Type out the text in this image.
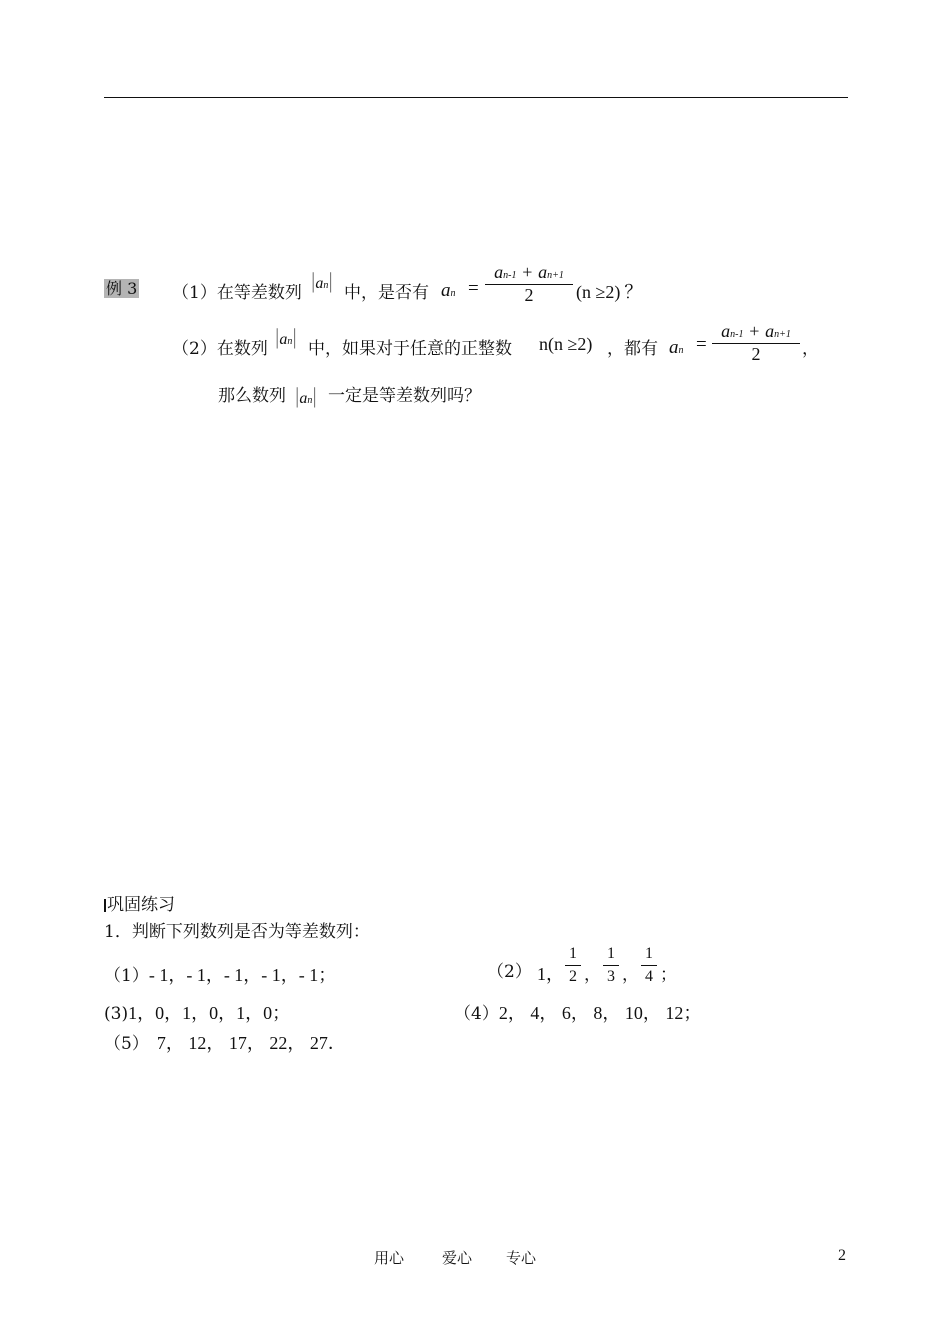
例 3 （1）在等差数列 |an| 中，是否有 an =
an-1 + an+1
2	(n ≥2) ？
（2）在数列 |an| 中，如果对于任意的正整数 n(n ≥2) ，都有 an =
an-1 + an+1
2	，
那么数列 |an| 一定是等差数列吗？
巩固练习
1．判断下列数列是否为等差数列：
（1）- 1，- 1，- 1，- 1，- 1；	（2） 1，
1
2 ，
1
3 ，
1
4 ；
(3)1，0，1，0，1，0；	（4）2， 4， 6， 8， 10， 12；
（5） 7， 12， 17， 22， 27．
用心	爱心 专心	2
